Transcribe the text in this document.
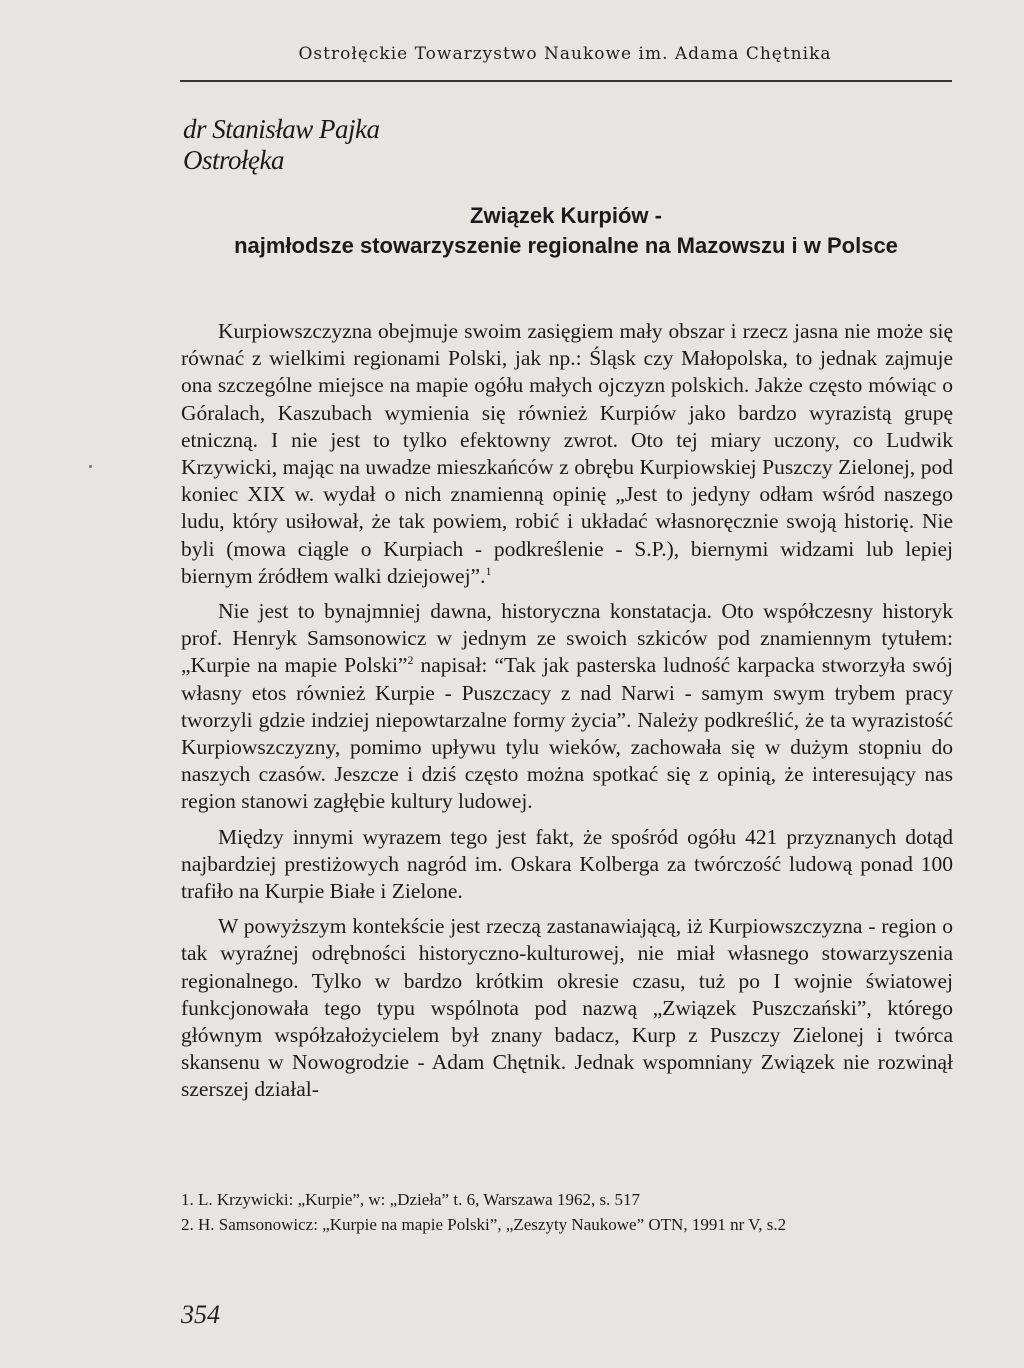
Ostrołęckie Towarzystwo Naukowe im. Adama Chętnika
dr Stanisław Pajka
Ostrołęka
Związek Kurpiów -
najmłodsze stowarzyszenie regionalne na Mazowszu i w Polsce

Kurpiowszczyzna obejmuje swoim zasięgiem mały obszar i rzecz jasna nie może się równać z wielkimi regionami Polski, jak np.: Śląsk czy Małopolska, to jednak zajmuje ona szczególne miejsce na mapie ogółu małych ojczyzn polskich. Jakże często mówiąc o Góralach, Kaszubach wymienia się również Kurpiów jako bardzo wyrazistą grupę etniczną. I nie jest to tylko efektowny zwrot. Oto tej miary uczony, co Ludwik Krzywicki, mając na uwadze mieszkańców z obrębu Kurpiowskiej Puszczy Zielonej, pod koniec XIX w. wydał o nich znamienną opinię „Jest to jedyny odłam wśród naszego ludu, który usiłował, że tak powiem, robić i układać własnoręcznie swoją historię. Nie byli (mowa ciągle o Kurpiach - podkreślenie - S.P.), biernymi widzami lub lepiej biernym źródłem walki dziejowej”.$^1$

Nie jest to bynajmniej dawna, historyczna konstatacja. Oto współczesny historyk prof. Henryk Samsonowicz w jednym ze swoich szkiców pod znamiennym tytułem: „Kurpie na mapie Polski”$^2$ napisał: “Tak jak pasterska ludność karpacka stworzyła swój własny etos również Kurpie - Puszczacy z nad Narwi - samym swym trybem pracy tworzyli gdzie indziej niepowtarzalne formy życia”. Należy podkreślić, że ta wyrazistość Kurpiowszczyzny, pomimo upływu tylu wieków, zachowała się w dużym stopniu do naszych czasów. Jeszcze i dziś często można spotkać się z opinią, że interesujący nas region stanowi zagłębie kultury ludowej.

Między innymi wyrazem tego jest fakt, że spośród ogółu 421 przyznanych dotąd najbardziej prestiżowych nagród im. Oskara Kolberga za twórczość ludową ponad 100 trafiło na Kurpie Białe i Zielone.

W powyższym kontekście jest rzeczą zastanawiającą, iż Kurpiowszczyzna - region o tak wyraźnej odrębności historyczno-kulturowej, nie miał własnego stowarzyszenia regionalnego. Tylko w bardzo krótkim okresie czasu, tuż po I wojnie światowej funkcjonowała tego typu wspólnota pod nazwą „Związek Puszczański”, którego głównym współzałożycielem był znany badacz, Kurp z Puszczy Zielonej i twórca skansenu w Nowogrodzie - Adam Chętnik. Jednak wspomniany Związek nie rozwinął szerszej działal-

1. L. Krzywicki: „Kurpie”, w: „Dzieła” t. 6, Warszawa 1962, s. 517
2. H. Samsonowicz: „Kurpie na mapie Polski”, „Zeszyty Naukowe” OTN, 1991 nr V, s.2
354
